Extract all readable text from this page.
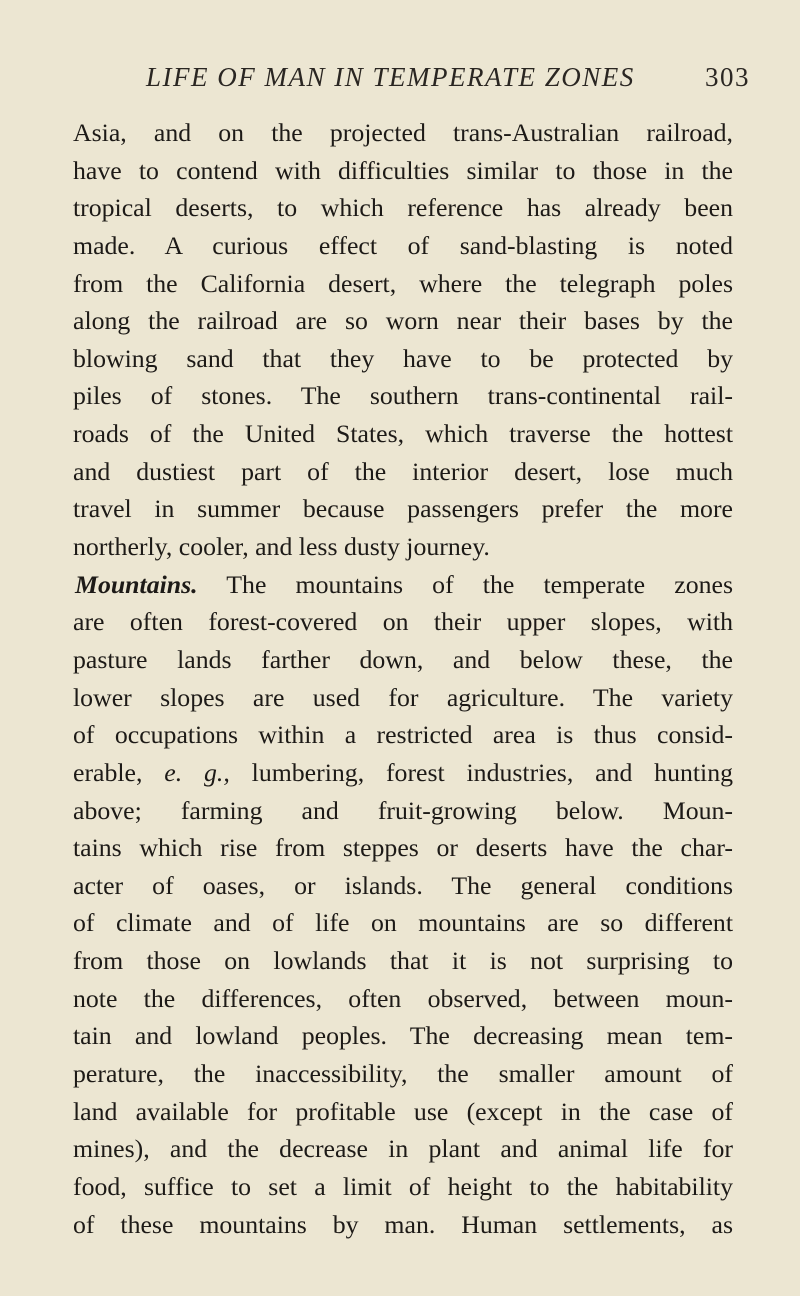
LIFE OF MAN IN TEMPERATE ZONES	303
Asia, and on the projected trans-Australian railroad,
have to contend with difficulties similar to those in the
tropical deserts, to which reference has already been
made. A curious effect of sand-blasting is noted
from the California desert, where the telegraph poles
along the railroad are so worn near their bases by the
blowing sand that they have to be protected by
piles of stones. The southern trans-continental rail-
roads of the United States, which traverse the hottest
and dustiest part of the interior desert, lose much
travel in summer because passengers prefer the more
northerly, cooler, and less dusty journey.
Mountains. The mountains of the temperate zones
are often forest-covered on their upper slopes, with
pasture lands farther down, and below these, the
lower slopes are used for agriculture. The variety
of occupations within a restricted area is thus consid-
erable, e. g., lumbering, forest industries, and hunting
above; farming and fruit-growing below. Moun-
tains which rise from steppes or deserts have the char-
acter of oases, or islands. The general conditions
of climate and of life on mountains are so different
from those on lowlands that it is not surprising to
note the differences, often observed, between moun-
tain and lowland peoples. The decreasing mean tem-
perature, the inaccessibility, the smaller amount of
land available for profitable use (except in the case of
mines), and the decrease in plant and animal life for
food, suffice to set a limit of height to the habitability
of these mountains by man. Human settlements, as
